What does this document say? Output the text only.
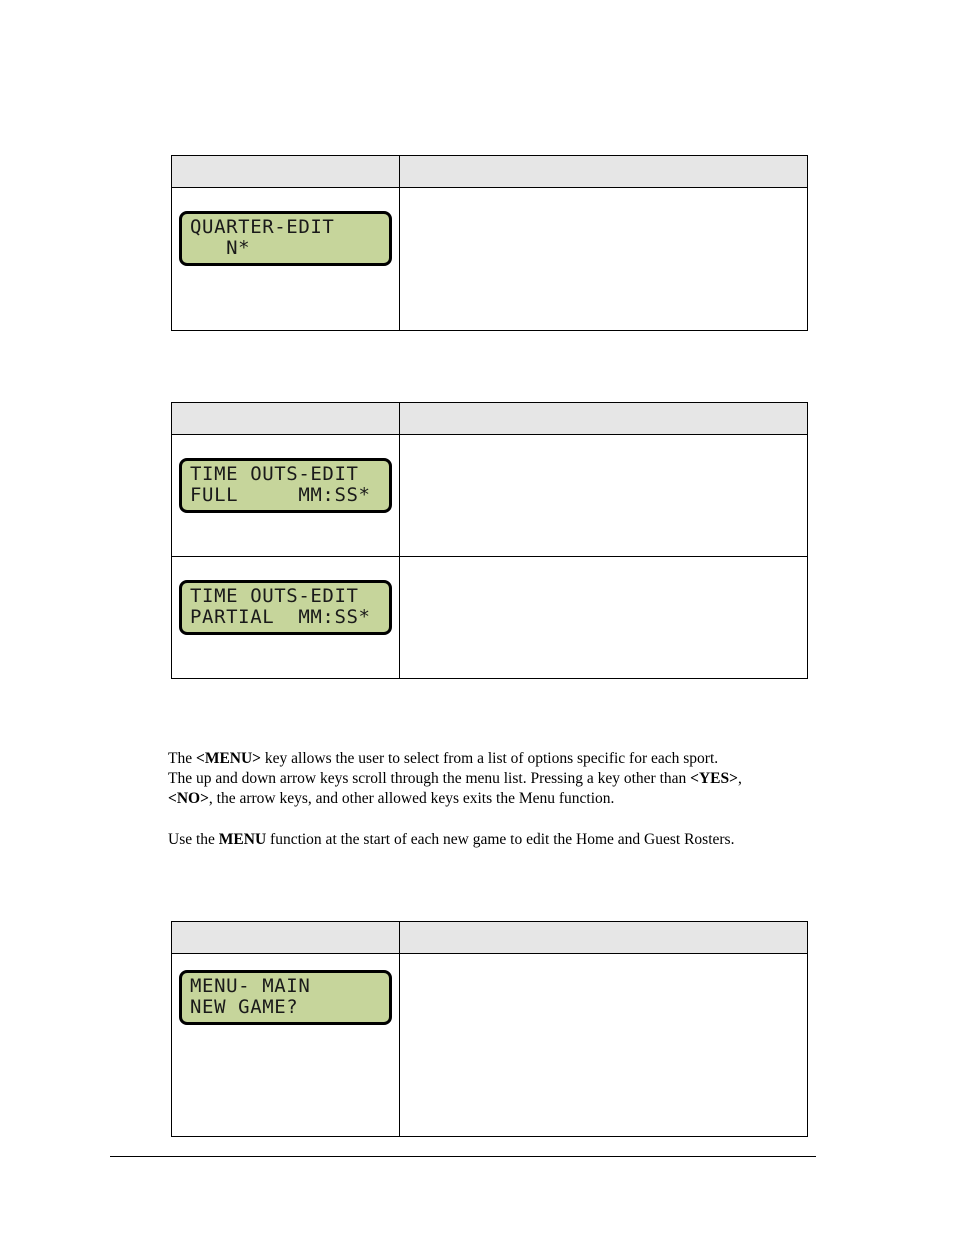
QUARTER-EDIT
N*	

TIME OUTS-EDIT
FULL     MM:SS*	

TIME OUTS-EDIT
PARTIAL  MM:SS*	

The <MENU> key allows the user to select from a list of options specific for each sport.
The up and down arrow keys scroll through the menu list. Pressing a key other than <YES>,
<NO>, the arrow keys, and other allowed keys exits the Menu function.

Use the MENU function at the start of each new game to edit the Home and Guest Rosters.

MENU- MAIN
NEW GAME?	
